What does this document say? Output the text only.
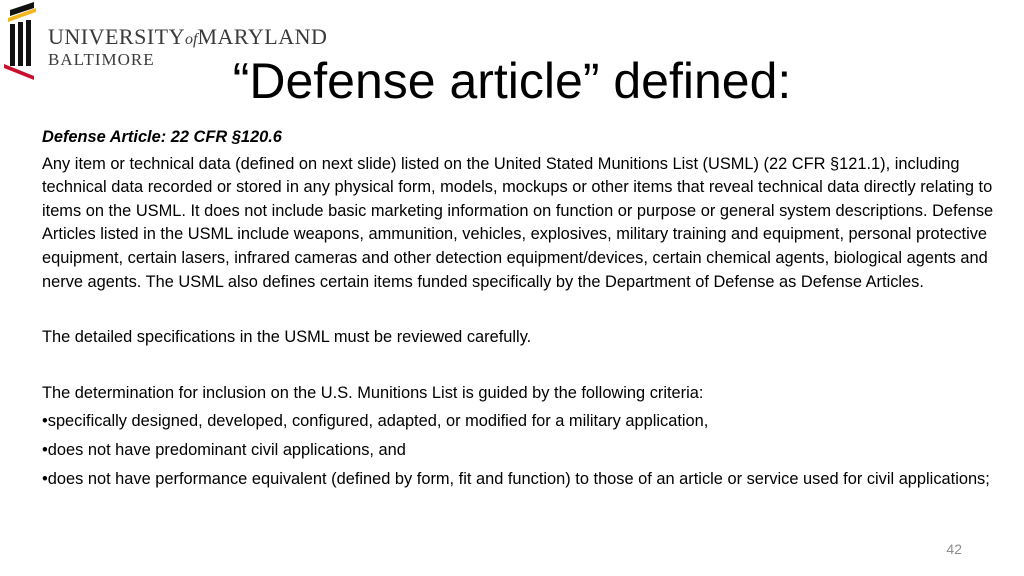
UNIVERSITYofMARYLAND
BALTIMORE	“Defense article” defined:

Defense Article: 22 CFR §120.6

Any item or technical data (defined on next slide) listed on the United Stated Munitions List (USML) (22 CFR §121.1), including technical data recorded or stored in any physical form, models, mockups or other items that reveal technical data directly relating to items on the USML. It does not include basic marketing information on function or purpose or general system descriptions. Defense Articles listed in the USML include weapons, ammunition, vehicles, explosives, military training and equipment, personal protective equipment, certain lasers, infrared cameras and other detection equipment/devices, certain chemical agents, biological agents and nerve agents. The USML also defines certain items funded specifically by the Department of Defense as Defense Articles.

The detailed specifications in the USML must be reviewed carefully.

The determination for inclusion on the U.S. Munitions List is guided by the following criteria:

•specifically designed, developed, configured, adapted, or modified for a military application,

•does not have predominant civil applications, and

•does not have performance equivalent (defined by form, fit and function) to those of an article or service used for civil applications;

42
